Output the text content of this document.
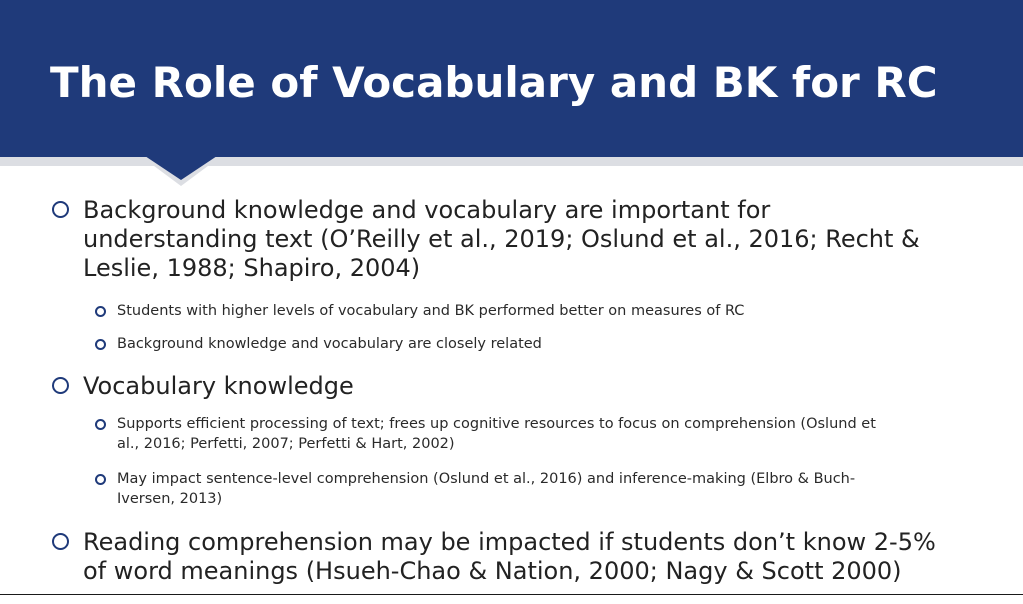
The Role of Vocabulary and BK for RC
Background knowledge and vocabulary are important for
understanding text (O’Reilly et al., 2019; Oslund et al., 2016; Recht &
Leslie, 1988; Shapiro, 2004)
Students with higher levels of vocabulary and BK performed better on measures of RC
Background knowledge and vocabulary are closely related
Vocabulary knowledge
Supports efficient processing of text; frees up cognitive resources to focus on comprehension (Oslund et
al., 2016; Perfetti, 2007; Perfetti & Hart, 2002)
May impact sentence-level comprehension (Oslund et al., 2016) and inference-making (Elbro & Buch-
Iversen, 2013)
Reading comprehension may be impacted if students don’t know 2-5%
of word meanings (Hsueh-Chao & Nation, 2000; Nagy & Scott 2000)
